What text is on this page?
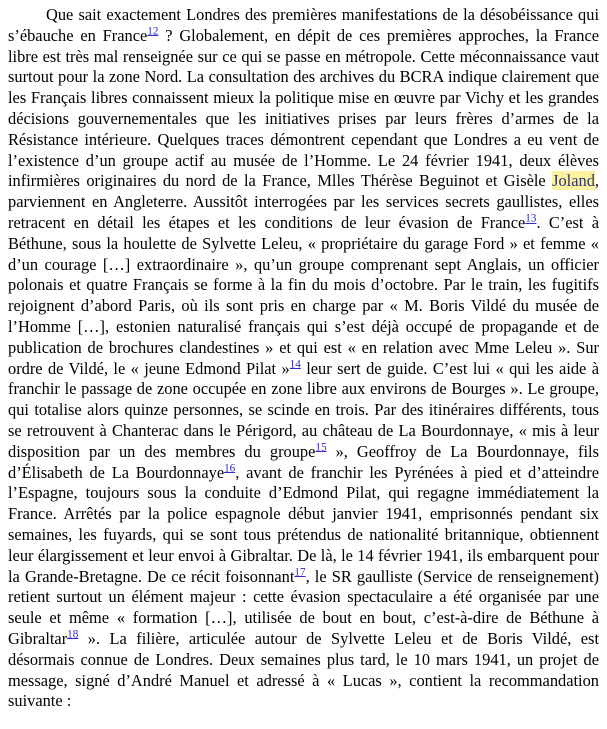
Que sait exactement Londres des premières manifestations de la désobéissance qui s’ébauche en France$^{12}$ ? Globalement, en dépit de ces premières approches, la France libre est très mal renseignée sur ce qui se passe en métropole. Cette méconnaissance vaut surtout pour la zone Nord. La consultation des archives du BCRA indique clairement que les Français libres connaissent mieux la politique mise en œuvre par Vichy et les grandes décisions gouvernementales que les initiatives prises par leurs frères d’armes de la Résistance intérieure. Quelques traces démontrent cependant que Londres a eu vent de l’existence d’un groupe actif au musée de l’Homme. Le 24 février 1941, deux élèves infirmières originaires du nord de la France, Mlles Thérèse Beguinot et Gisèle Joland, parviennent en Angleterre. Aussitôt interrogées par les services secrets gaullistes, elles retracent en détail les étapes et les conditions de leur évasion de France$^{13}$. C’est à Béthune, sous la houlette de Sylvette Leleu, « propriétaire du garage Ford » et femme « d’un courage […] extraordinaire », qu’un groupe comprenant sept Anglais, un officier polonais et quatre Français se forme à la fin du mois d’octobre. Par le train, les fugitifs rejoignent d’abord Paris, où ils sont pris en charge par « M. Boris Vildé du musée de l’Homme […], estonien naturalisé français qui s’est déjà occupé de propagande et de publication de brochures clandestines » et qui est « en relation avec Mme Leleu ». Sur ordre de Vildé, le « jeune Edmond Pilat »$^{14}$ leur sert de guide. C’est lui « qui les aide à franchir le passage de zone occupée en zone libre aux environs de Bourges ». Le groupe, qui totalise alors quinze personnes, se scinde en trois. Par des itinéraires différents, tous se retrouvent à Chanterac dans le Périgord, au château de La Bourdonnaye, « mis à leur disposition par un des membres du groupe$^{15}$ », Geoffroy de La Bourdonnaye, fils d’Élisabeth de La Bourdonnaye$^{16}$, avant de franchir les Pyrénées à pied et d’atteindre l’Espagne, toujours sous la conduite d’Edmond Pilat, qui regagne immédiatement la France. Arrêtés par la police espagnole début janvier 1941, emprisonnés pendant six semaines, les fuyards, qui se sont tous prétendus de nationalité britannique, obtiennent leur élargissement et leur envoi à Gibraltar. De là, le 14 février 1941, ils embarquent pour la Grande-Bretagne. De ce récit foisonnant$^{17}$, le SR gaulliste (Service de renseignement) retient surtout un élément majeur : cette évasion spectaculaire a été organisée par une seule et même « formation […], utilisée de bout en bout, c’est-à-dire de Béthune à Gibraltar$^{18}$ ». La filière, articulée autour de Sylvette Leleu et de Boris Vildé, est désormais connue de Londres. Deux semaines plus tard, le 10 mars 1941, un projet de message, signé d’André Manuel et adressé à « Lucas », contient la recommandation suivante :
